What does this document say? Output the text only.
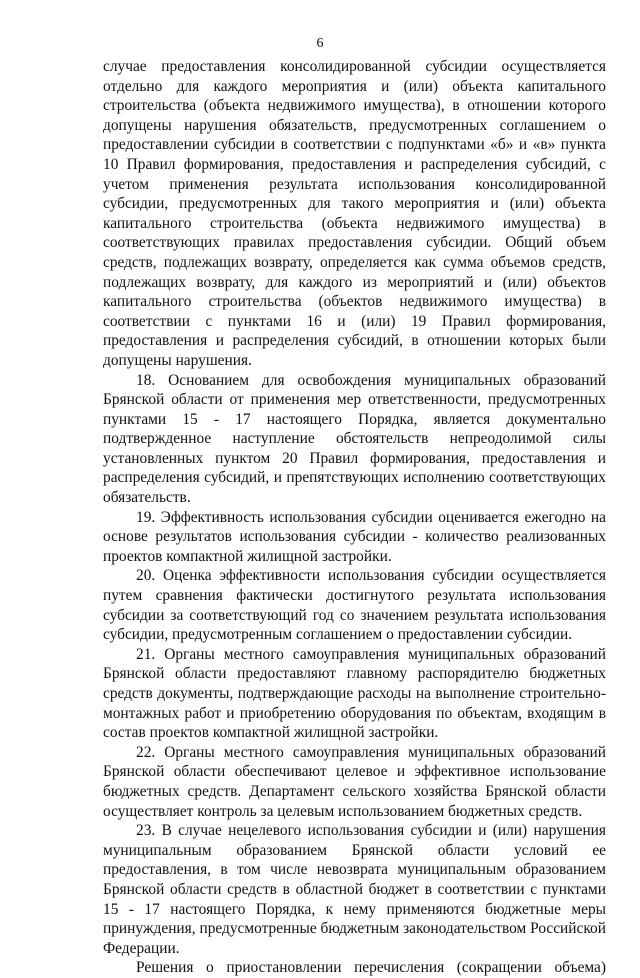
6

случае предоставления консолидированной субсидии осуществляется отдельно для каждого мероприятия и (или) объекта капитального строительства (объекта недвижимого имущества), в отношении которого допущены нарушения обязательств, предусмотренных соглашением о предоставлении субсидии в соответствии с подпунктами «б» и «в» пункта 10 Правил формирования, предоставления и распределения субсидий, с учетом применения результата использования консолидированной субсидии, предусмотренных для такого мероприятия и (или) объекта капитального строительства (объекта недвижимого имущества) в соответствующих правилах предоставления субсидии. Общий объем средств, подлежащих возврату, определяется как сумма объемов средств, подлежащих возврату, для каждого из мероприятий и (или) объектов капитального строительства (объектов недвижимого имущества) в соответствии с пунктами 16 и (или) 19 Правил формирования, предоставления и распределения субсидий, в отношении которых были допущены нарушения.

18. Основанием для освобождения муниципальных образований Брянской области от применения мер ответственности, предусмотренных пунктами 15 - 17 настоящего Порядка, является документально подтвержденное наступление обстоятельств непреодолимой силы установленных пунктом 20 Правил формирования, предоставления и распределения субсидий, и препятствующих исполнению соответствующих обязательств.

19. Эффективность использования субсидии оценивается ежегодно на основе результатов использования субсидии - количество реализованных проектов компактной жилищной застройки.

20. Оценка эффективности использования субсидии осуществляется путем сравнения фактически достигнутого результата использования субсидии за соответствующий год со значением результата использования субсидии, предусмотренным соглашением о предоставлении субсидии.

21. Органы местного самоуправления муниципальных образований Брянской области предоставляют главному распорядителю бюджетных средств документы, подтверждающие расходы на выполнение строительно-монтажных работ и приобретению оборудования по объектам, входящим в состав проектов компактной жилищной застройки.

22. Органы местного самоуправления муниципальных образований Брянской области обеспечивают целевое и эффективное использование бюджетных средств. Департамент сельского хозяйства Брянской области осуществляет контроль за целевым использованием бюджетных средств.

23. В случае нецелевого использования субсидии и (или) нарушения муниципальным образованием Брянской области условий ее предоставления, в том числе невозврата муниципальным образованием Брянской области средств в областной бюджет в соответствии с пунктами 15 - 17 настоящего Порядка, к нему применяются бюджетные меры принуждения, предусмотренные бюджетным законодательством Российской Федерации.

Решения о приостановлении перечисления (сокращении объема)
